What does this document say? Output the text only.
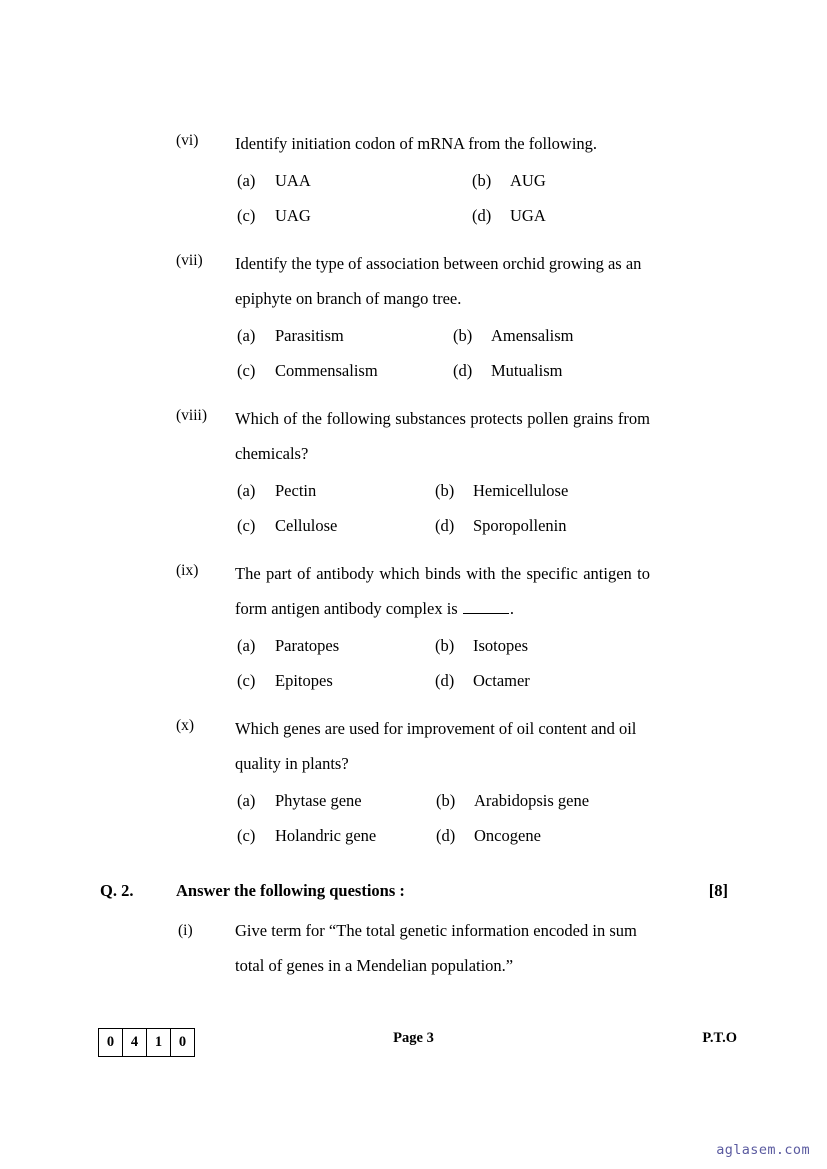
(vi)	Identify initiation codon of mRNA from the following.
(a) UAA	(b) AUG
(c) UAG	(d) UGA
(vii)	Identify the type of association between orchid growing as an epiphyte on branch of mango tree.
(a) Parasitism	(b) Amensalism
(c) Commensalism	(d) Mutualism
(viii)	Which of the following substances protects pollen grains from chemicals?
(a) Pectin	(b) Hemicellulose
(c) Cellulose	(d) Sporopollenin
(ix)	The part of antibody which binds with the specific antigen to form antigen antibody complex is	.
(a) Paratopes	(b) Isotopes
(c) Epitopes	(d) Octamer
(x)	Which genes are used for improvement of oil content and oil quality in plants?
(a) Phytase gene	(b) Arabidopsis gene
(c) Holandric gene	(d) Oncogene
Q. 2.	Answer the following questions :	[8]
(i)	Give term for “The total genetic information encoded in sum total of genes in a Mendelian population.”
0	4	1	0	Page 3	P.T.O
aglasem.com
